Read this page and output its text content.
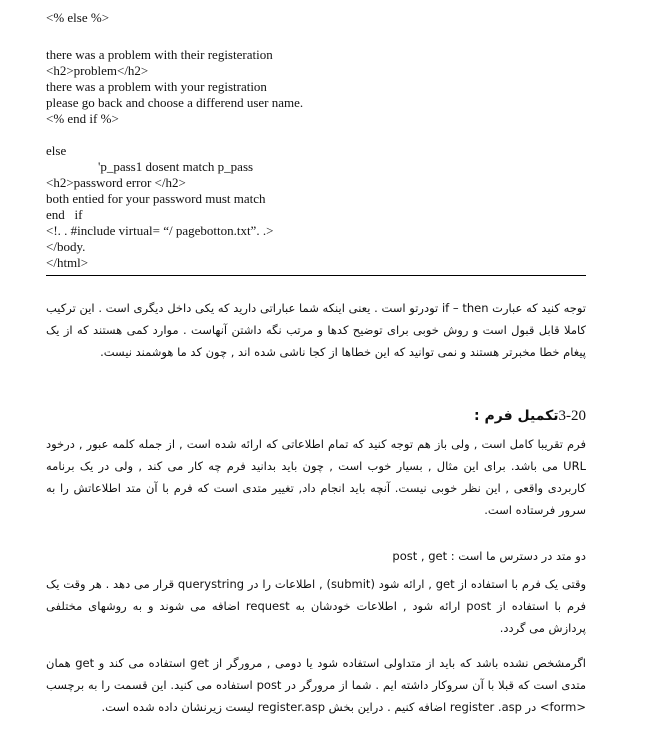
<% else %>
there was a problem with their registeration
<h2>problem</h2>
there was a problem with your registration
please go back and choose a differend user name.
<% end if %>
else
'p_pass1 dosent match p_pass
<h2>password error </h2>
both entied for your password must match
end   if
<!. . #include virtual= “/ pagebotton.txt”. .>
</body.
</html>

توجه کنید که عبارت if – then تودرتو است . یعنی اینکه شما عباراتی دارید که یکی داخل دیگری است . این ترکیب کاملا قابل قبول است و روش خوبی برای توضیح کدها و مرتب نگه داشتن آنهاست . موارد کمی هستند که از یک پیغام خطا مخبرتر هستند و نمی توانید که این خطاها از کجا ناشی شده اند , چون کد ما هوشمند نیست.

3-20تکمیل فرم :

فرم تقریبا کامل است , ولی باز هم توجه کنید که تمام اطلاعاتی که ارائه شده است , از جمله کلمه عبور , درخود URL می باشد. برای این مثال , بسیار خوب است , چون باید بدانید فرم چه کار می کند , ولی در یک برنامه کاربردی واقعی , این نظر خوبی نیست. آنچه باید انجام داد, تغییر متدی است که فرم با آن متد اطلاعاتش را به سرور فرستاده است.

دو متد در دسترس ما است : post , get

وقتی یک فرم با استفاده از get , ارائه شود (submit) , اطلاعات را در querystring قرار می دهد . هر وقت یک فرم با استفاده از post ارائه شود , اطلاعات خودشان به request اضافه می شوند و به روشهای مختلفی پردازش می گردد.

اگرمشخص نشده باشد که باید از متداولی استفاده شود یا دومی , مرورگر از get استفاده می کند و get همان متدی است که قبلا با آن سروکار داشته ایم . شما از مرورگر در post استفاده می کنید. این قسمت را به برچسب <form> در register .asp اضافه کنیم . دراین بخش register.asp لیست زیرنشان داده شده است.
